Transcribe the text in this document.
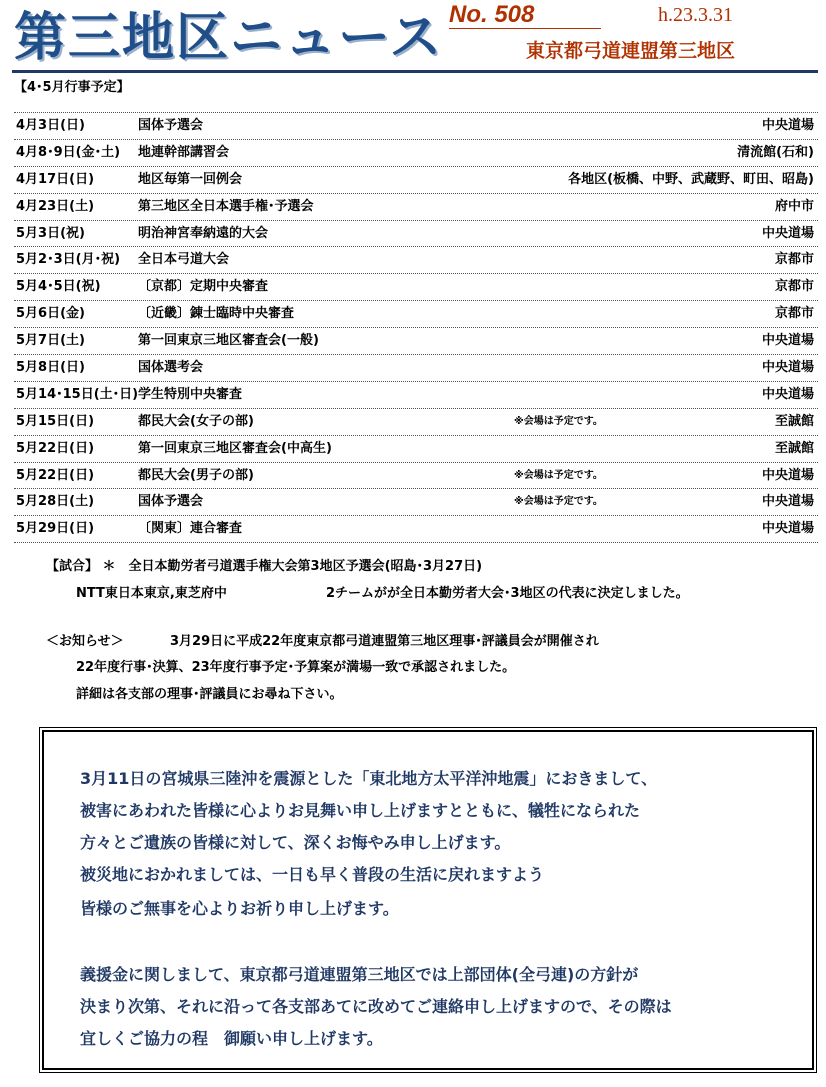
第三地区ニュース No. 508	h.23.3.31
東京都弓道連盟第三地区
【4･5月行事予定】
4月3日(日)	国体予選会	中央道場
4月8･9日(金･土) 地連幹部講習会	清流館(石和)
4月17日(日)	地区毎第一回例会	各地区(板橋、中野、武蔵野、町田、昭島)
4月23日(土)	第三地区全日本選手権･予選会	府中市
5月3日(祝)	明治神宮奉納遠的大会	中央道場
5月2･3日(月･祝) 全日本弓道大会	京都市
5月4･5日(祝)	〔京都〕定期中央審査	京都市
5月6日(金)	〔近畿〕錬士臨時中央審査	京都市
5月7日(土)	第一回東京三地区審査会(一般)	中央道場
5月8日(日)	国体選考会	中央道場
5月14･15日(土･日) 学生特別中央審査	中央道場
5月15日(日)	都民大会(女子の部)	※会場は予定です。	至誠館
5月22日(日)	第一回東京三地区審査会(中高生)	至誠館
5月22日(日)	都民大会(男子の部)	※会場は予定です。	中央道場
5月28日(土)	国体予選会	※会場は予定です。	中央道場
5月29日(日)	〔関東〕連合審査	中央道場
【試合】 ＊　全日本勤労者弓道選手権大会第3地区予選会(昭島･3月27日)
NTT東日本東京,東芝府中	2チームがが全日本勤労者大会･3地区の代表に決定しました。
＜お知らせ＞	3月29日に平成22年度東京都弓道連盟第三地区理事･評議員会が開催され
22年度行事･決算、23年度行事予定･予算案が満場一致で承認されました。
詳細は各支部の理事･評議員にお尋ね下さい。
3月11日の宮城県三陸沖を震源とした「東北地方太平洋沖地震」におきまして、
被害にあわれた皆様に心よりお見舞い申し上げますとともに、犠牲になられた
方々とご遺族の皆様に対して、深くお悔やみ申し上げます。
被災地におかれましては、一日も早く普段の生活に戻れますよう
皆様のご無事を心よりお祈り申し上げます。
義援金に関しまして、東京都弓道連盟第三地区では上部団体(全弓連)の方針が
決まり次第、それに沿って各支部あてに改めてご連絡申し上げますので、その際は
宜しくご協力の程　御願い申し上げます。
